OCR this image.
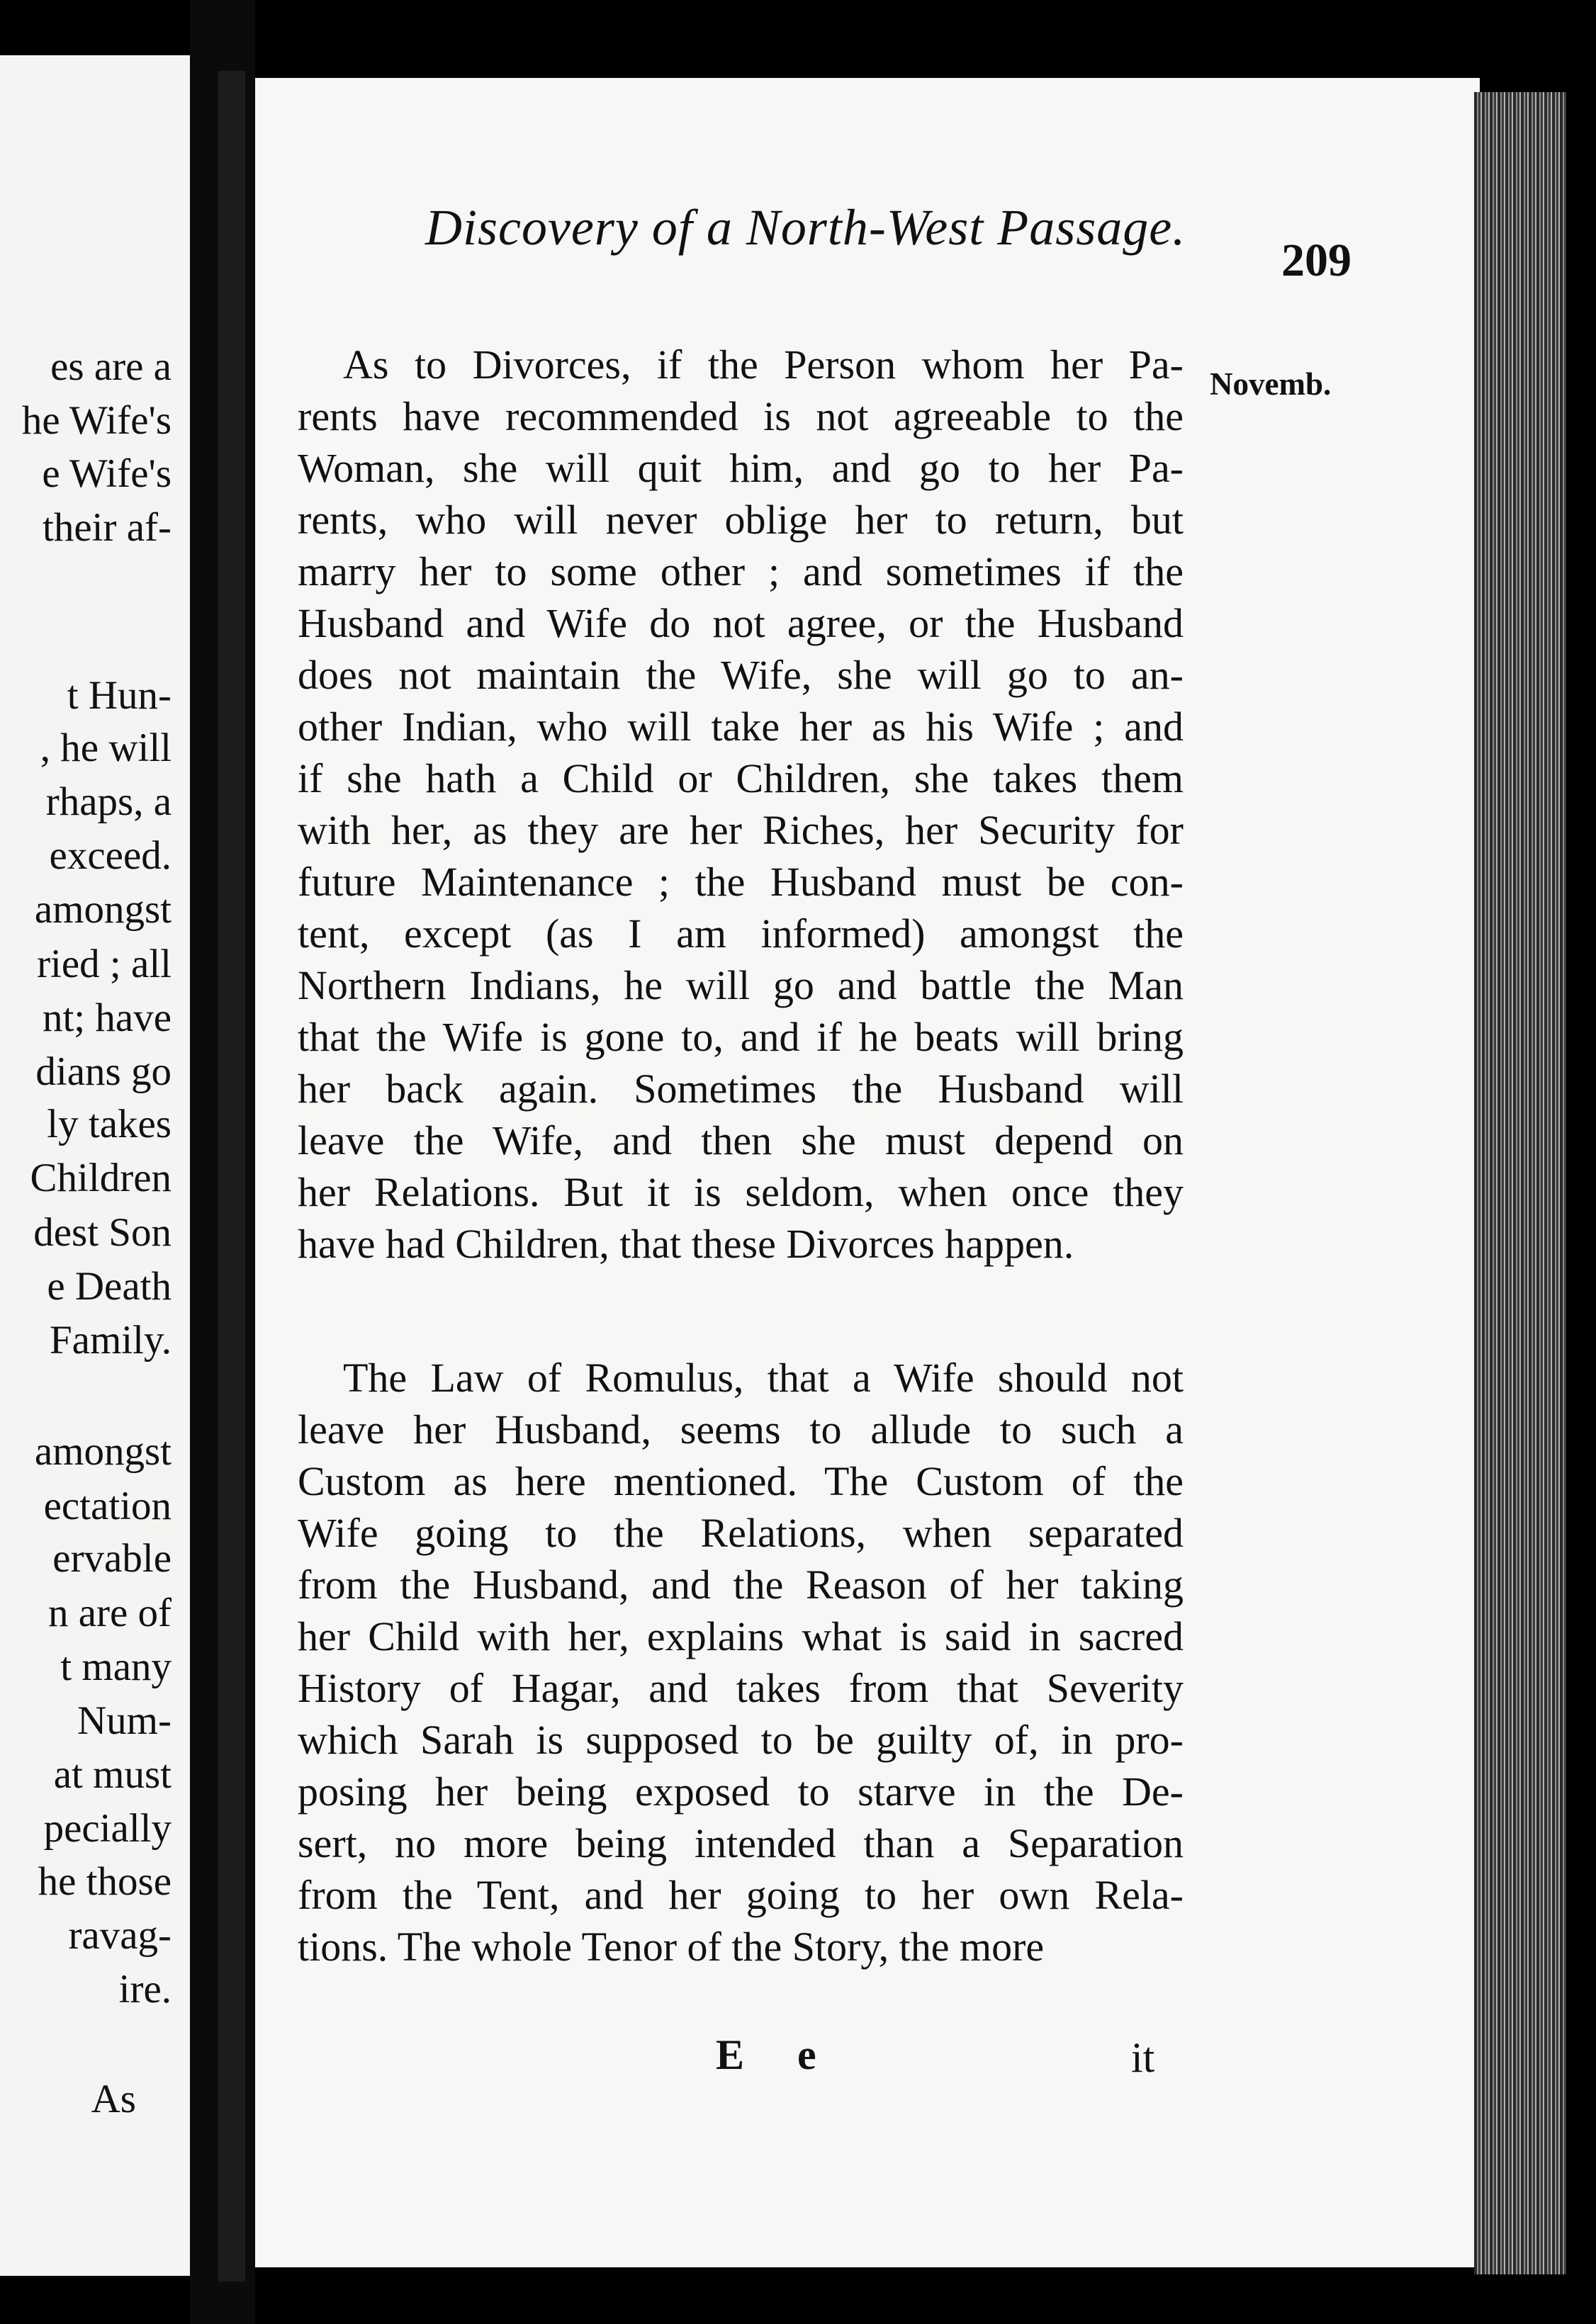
As
es are a
he Wife's
e Wife's
their af-
t Hun-
, he will
rhaps, a
exceed.
amongst
ried ; all
nt; have
dians go
ly takes
Children
dest Son
e Death
Family.
amongst
ectation
ervable
n are of
t many
Num-
at must
pecially
he those
ravag-
ire.
Discovery of a North-West Passage.
209
Novemb.
As to Divorces, if the Person whom her Pa-
rents have recommended is not agreeable to the
Woman, she will quit him, and go to her Pa-
rents, who will never oblige her to return, but
marry her to some other ; and sometimes if the
Husband and Wife do not agree, or the Husband
does not maintain the Wife, she will go to an-
other Indian, who will take her as his Wife ; and
if she hath a Child or Children, she takes them
with her, as they are her Riches, her Security for
future Maintenance ; the Husband must be con-
tent, except (as I am informed) amongst the
Northern Indians, he will go and battle the Man
that the Wife is gone to, and if he beats will bring
her back again. Sometimes the Husband will
leave the Wife, and then she must depend on
her Relations. But it is seldom, when once they
have had Children, that these Divorces happen.
The Law of Romulus, that a Wife should not
leave her Husband, seems to allude to such a
Custom as here mentioned. The Custom of the
Wife going to the Relations, when separated
from the Husband, and the Reason of her taking
her Child with her, explains what is said in sacred
History of Hagar, and takes from that Severity
which Sarah is supposed to be guilty of, in pro-
posing her being exposed to starve in the De-
sert, no more being intended than a Separation
from the Tent, and her going to her own Rela-
tions. The whole Tenor of the Story, the more
E e	it
